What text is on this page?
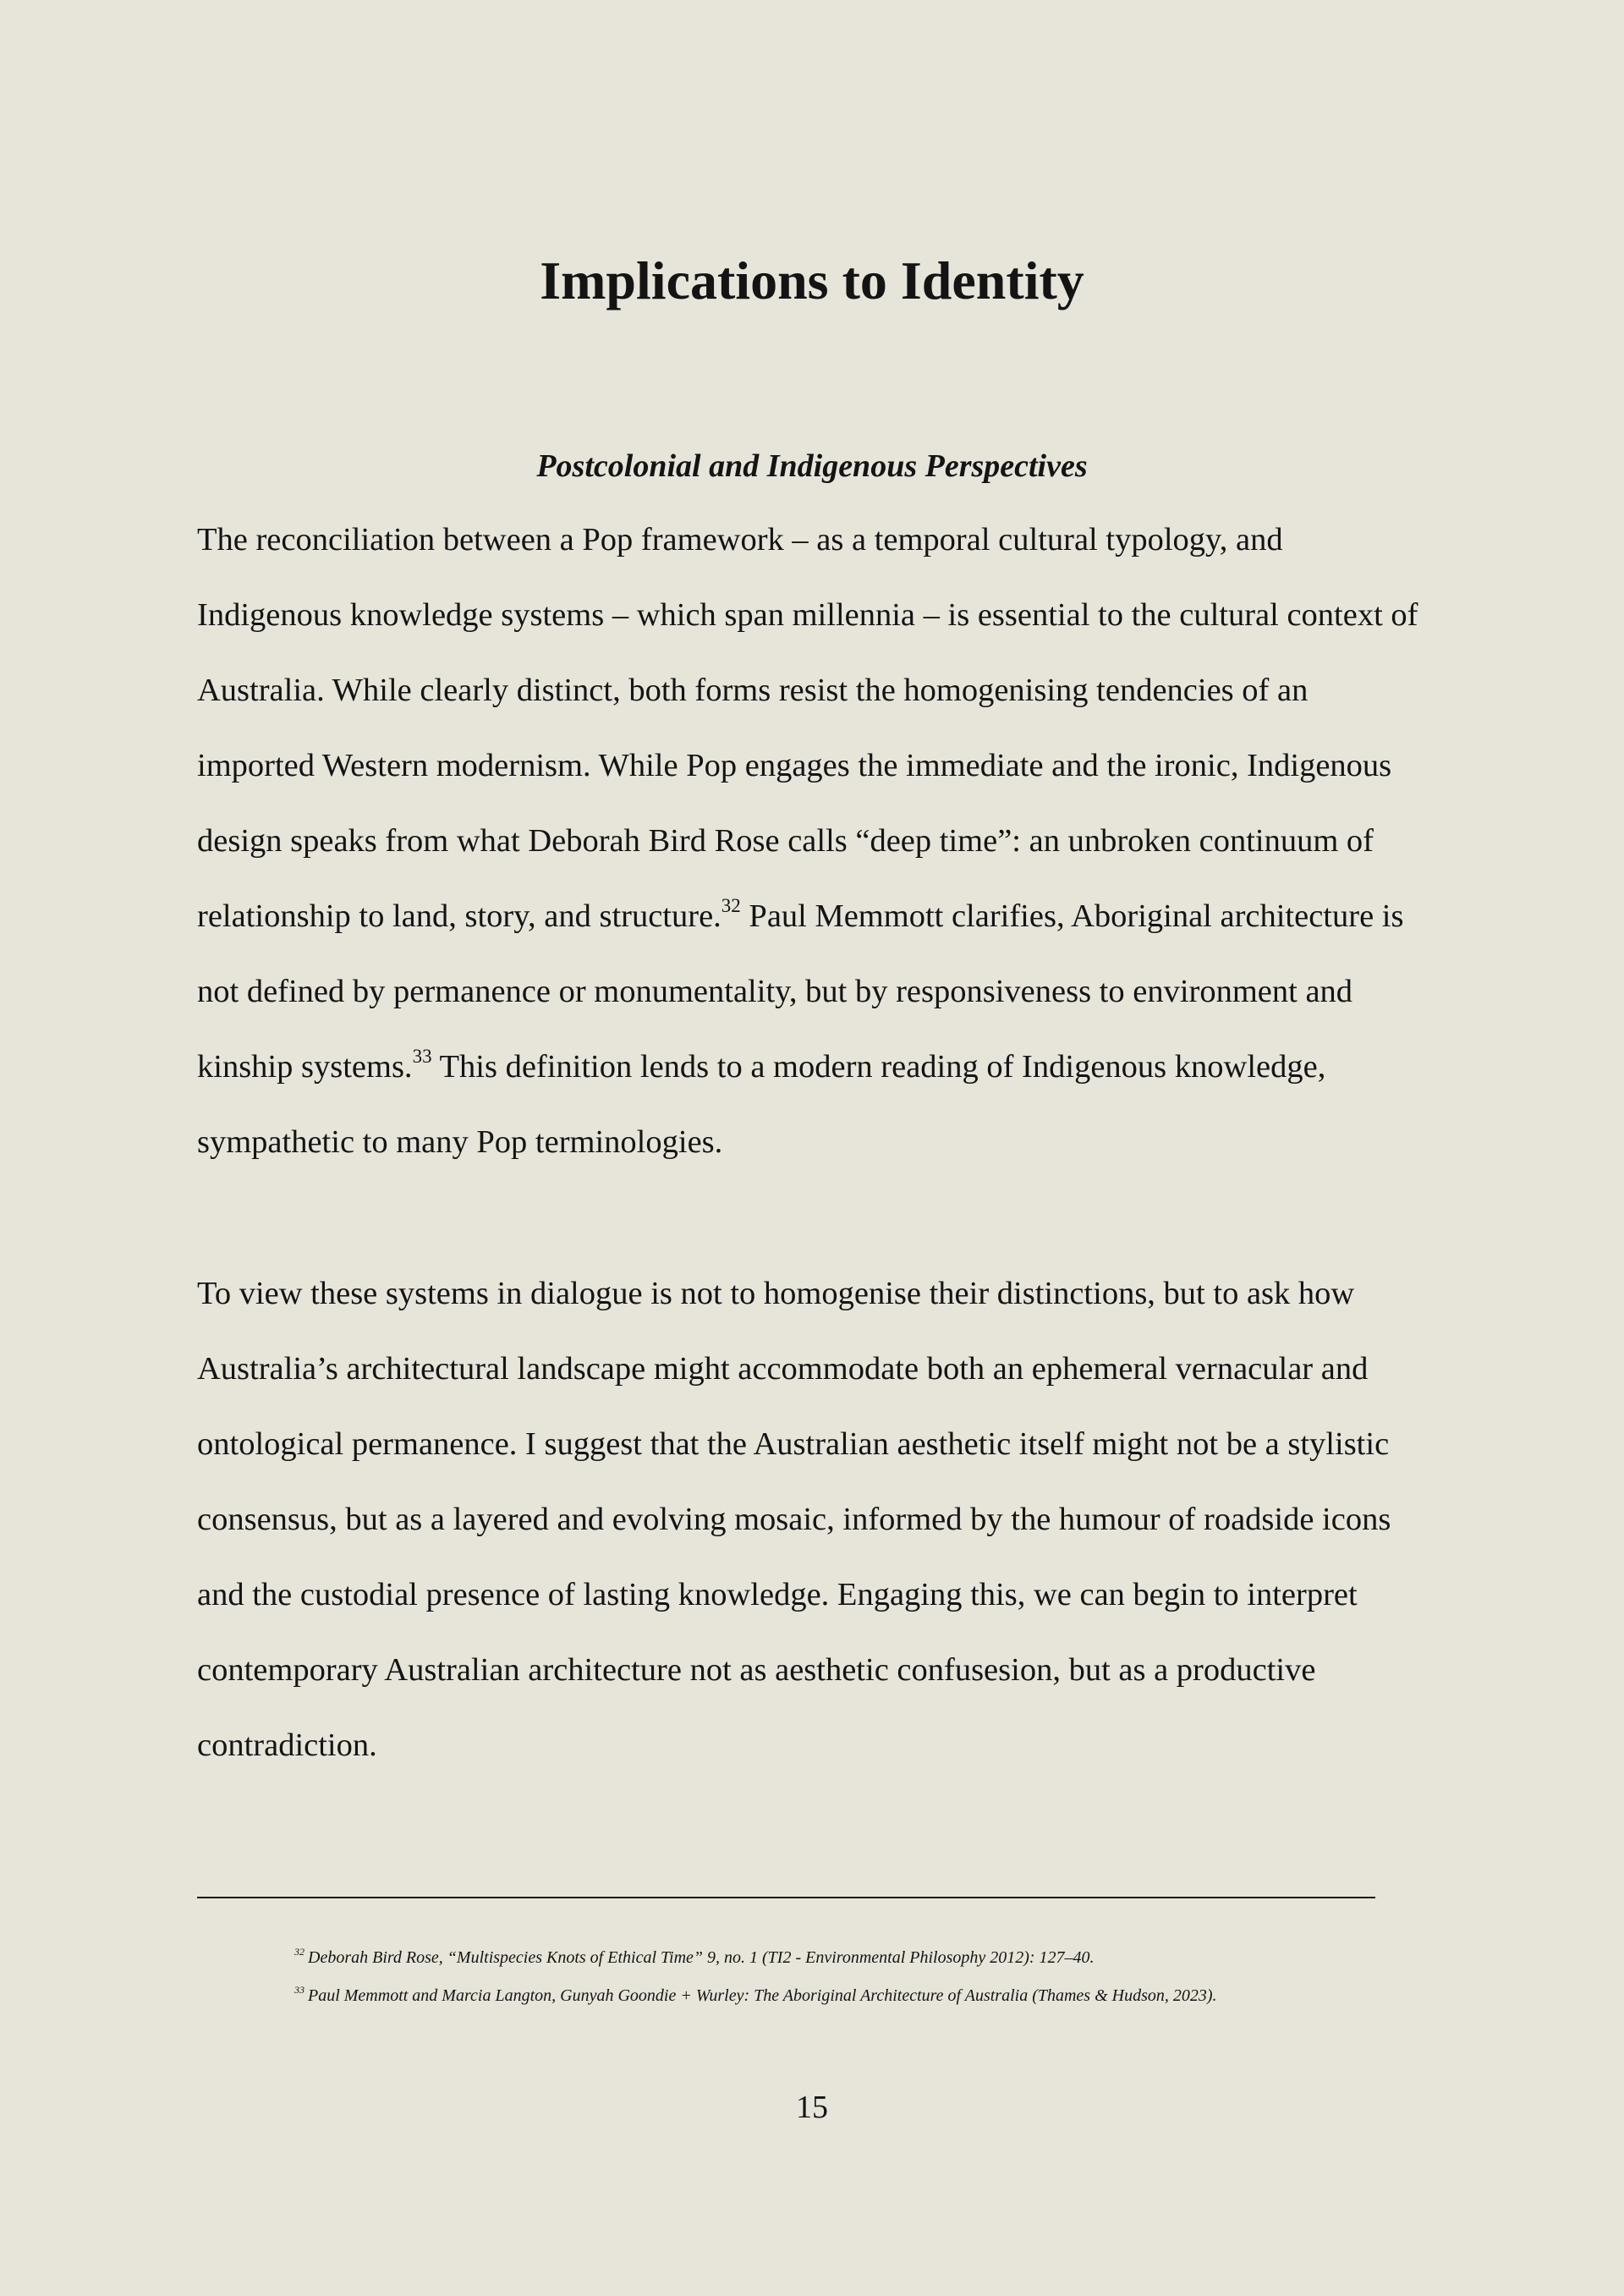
Implications to Identity
Postcolonial and Indigenous Perspectives
The reconciliation between a Pop framework – as a temporal cultural typology, and
Indigenous knowledge systems – which span millennia – is essential to the cultural context of
Australia. While clearly distinct, both forms resist the homogenising tendencies of an
imported Western modernism. While Pop engages the immediate and the ironic, Indigenous
design speaks from what Deborah Bird Rose calls “deep time”: an unbroken continuum of
relationship to land, story, and structure.$^{32}$ Paul Memmott clarifies, Aboriginal architecture is
not defined by permanence or monumentality, but by responsiveness to environment and
kinship systems.$^{33}$ This definition lends to a modern reading of Indigenous knowledge,
sympathetic to many Pop terminologies.
To view these systems in dialogue is not to homogenise their distinctions, but to ask how
Australia’s architectural landscape might accommodate both an ephemeral vernacular and
ontological permanence. I suggest that the Australian aesthetic itself might not be a stylistic
consensus, but as a layered and evolving mosaic, informed by the humour of roadside icons
and the custodial presence of lasting knowledge. Engaging this, we can begin to interpret
contemporary Australian architecture not as aesthetic confusesion, but as a productive
contradiction.
$^{32}$ Deborah Bird Rose, “Multispecies Knots of Ethical Time” 9, no. 1 (TI2 - Environmental Philosophy 2012): 127–40.
$^{33}$ Paul Memmott and Marcia Langton, Gunyah Goondie + Wurley: The Aboriginal Architecture of Australia (Thames & Hudson, 2023).
15
